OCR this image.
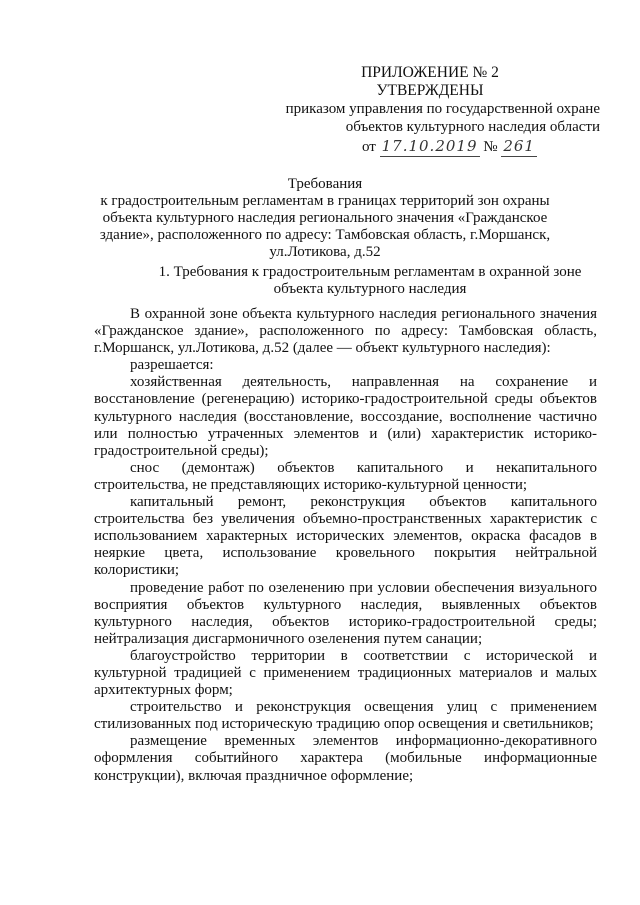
ПРИЛОЖЕНИЕ № 2
УТВЕРЖДЕНЫ
приказом управления по государственной охране
объектов культурного наследия области
от 17.10.2019 № 261
Требования
к градостроительным регламентам в границах территорий зон охраны
объекта культурного наследия регионального значения «Гражданское
здание», расположенного по адресу: Тамбовская область, г.Моршанск,
ул.Лотикова, д.52
1. Требования к градостроительным регламентам в охранной зоне
объекта культурного наследия

В охранной зоне объекта культурного наследия регионального значения «Гражданское здание», расположенного по адресу: Тамбовская область, г.Моршанск, ул.Лотикова, д.52 (далее — объект культурного наследия):

разрешается:

хозяйственная деятельность, направленная на сохранение и восстановление (регенерацию) историко-градостроительной среды объектов культурного наследия (восстановление, воссоздание, восполнение частично или полностью утраченных элементов и (или) характеристик историко-градостроительной среды);

снос (демонтаж) объектов капитального и некапитального строительства, не представляющих историко-культурной ценности;

капитальный ремонт, реконструкция объектов капитального строительства без увеличения объемно-пространственных характеристик с использованием характерных исторических элементов, окраска фасадов в неяркие цвета, использование кровельного покрытия нейтральной колористики;

проведение работ по озеленению при условии обеспечения визуального восприятия объектов культурного наследия, выявленных объектов культурного наследия, объектов историко-градостроительной среды; нейтрализация дисгармоничного озеленения путем санации;

благоустройство территории в соответствии с исторической и культурной традицией с применением традиционных материалов и малых архитектурных форм;

строительство и реконструкция освещения улиц с применением стилизованных под историческую традицию опор освещения и светильников;

размещение временных элементов информационно-декоративного оформления событийного характера (мобильные информационные конструкции), включая праздничное оформление;
